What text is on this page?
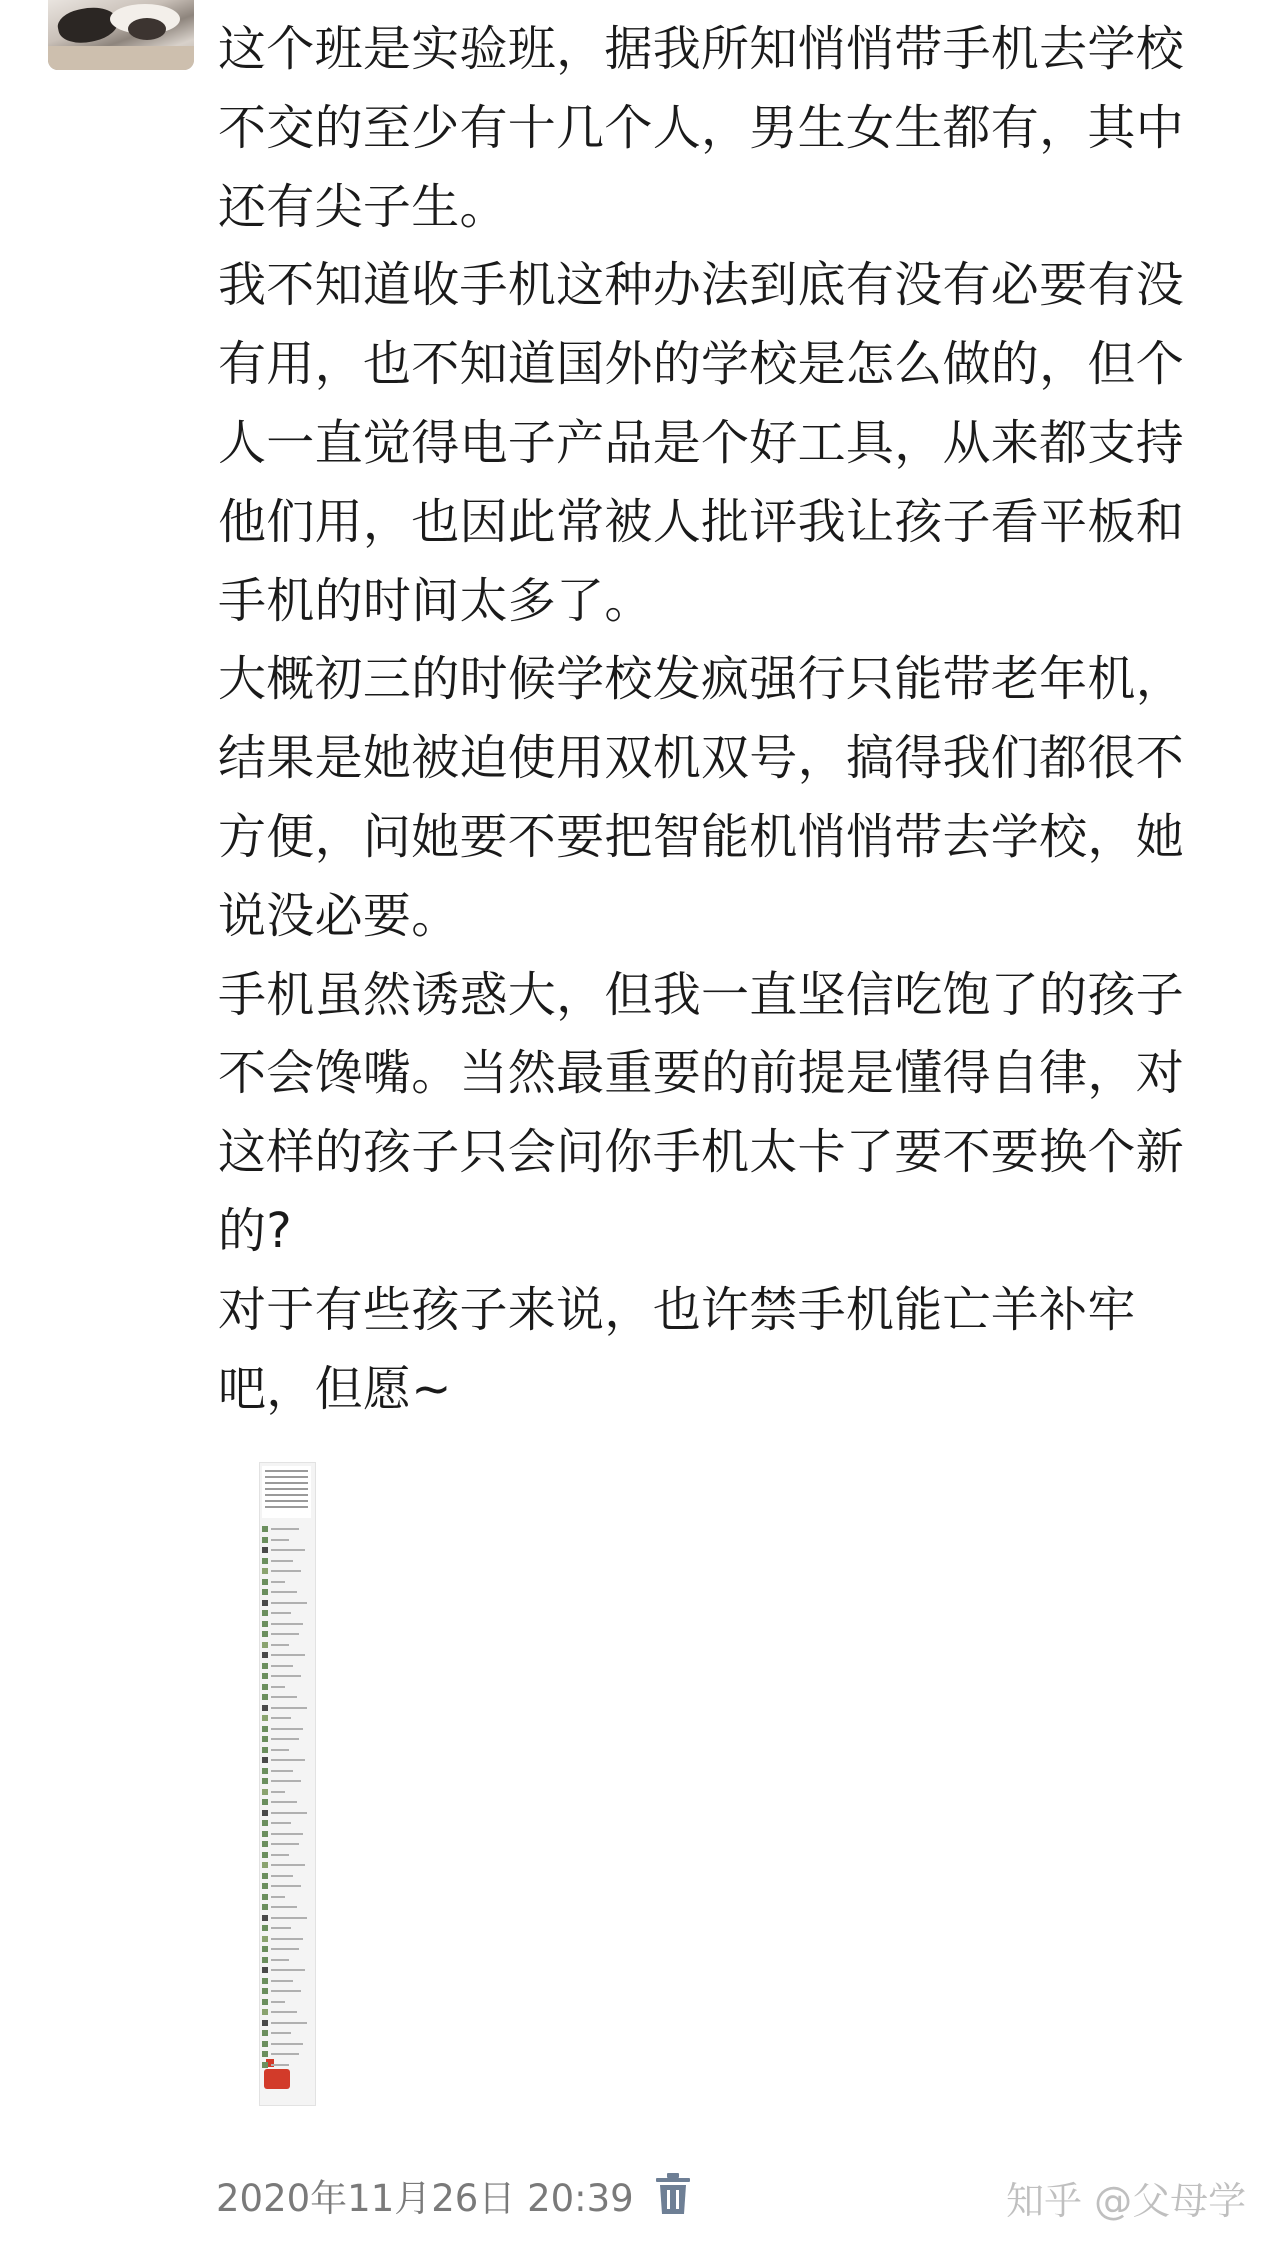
这个班是实验班，据我所知悄悄带手机去学校不交的至少有十几个人，男生女生都有，其中还有尖子生。

我不知道收手机这种办法到底有没有必要有没有用，也不知道国外的学校是怎么做的，但个人一直觉得电子产品是个好工具，从来都支持他们用，也因此常被人批评我让孩子看平板和手机的时间太多了。

大概初三的时候学校发疯强行只能带老年机，结果是她被迫使用双机双号，搞得我们都很不方便，问她要不要把智能机悄悄带去学校，她说没必要。

手机虽然诱惑大，但我一直坚信吃饱了的孩子不会馋嘴。当然最重要的前提是懂得自律，对这样的孩子只会问你手机太卡了要不要换个新的?

对于有些孩子来说，也许禁手机能亡羊补牢吧，但愿~

2020年11月26日 20:39	知乎 @父母学
